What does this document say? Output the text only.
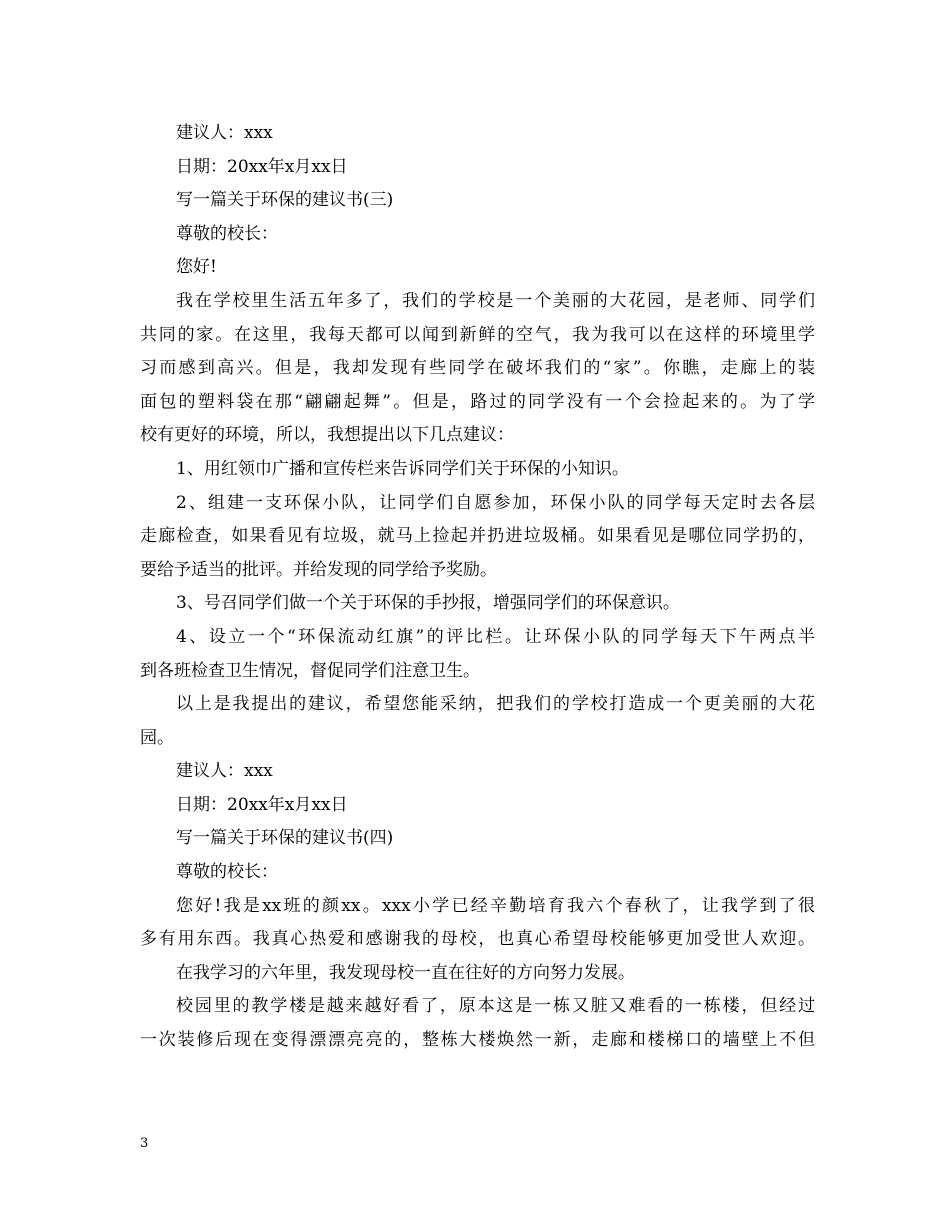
建议人：xxx

日期：20xx年x月xx日

写一篇关于环保的建议书(三)

尊敬的校长：

您好!

我在学校里生活五年多了，我们的学校是一个美丽的大花园，是老师、同学们

共同的家。在这里，我每天都可以闻到新鲜的空气，我为我可以在这样的环境里学

习而感到高兴。但是，我却发现有些同学在破坏我们的“家”。你瞧，走廊上的装

面包的塑料袋在那“翩翩起舞”。但是，路过的同学没有一个会捡起来的。为了学

校有更好的环境，所以，我想提出以下几点建议：

1、用红领巾广播和宣传栏来告诉同学们关于环保的小知识。

2、组建一支环保小队，让同学们自愿参加，环保小队的同学每天定时去各层

走廊检查，如果看见有垃圾，就马上捡起并扔进垃圾桶。如果看见是哪位同学扔的，

要给予适当的批评。并给发现的同学给予奖励。

3、号召同学们做一个关于环保的手抄报，增强同学们的环保意识。

4、设立一个“环保流动红旗”的评比栏。让环保小队的同学每天下午两点半

到各班检查卫生情况，督促同学们注意卫生。

以上是我提出的建议，希望您能采纳，把我们的学校打造成一个更美丽的大花

园。

建议人：xxx

日期：20xx年x月xx日

写一篇关于环保的建议书(四)

尊敬的校长：

您好!我是xx班的颜xx。xxx小学已经辛勤培育我六个春秋了，让我学到了很

多有用东西。我真心热爱和感谢我的母校，也真心希望母校能够更加受世人欢迎。

在我学习的六年里，我发现母校一直在往好的方向努力发展。

校园里的教学楼是越来越好看了，原本这是一栋又脏又难看的一栋楼，但经过

一次装修后现在变得漂漂亮亮的，整栋大楼焕然一新，走廊和楼梯口的墙壁上不但

3
